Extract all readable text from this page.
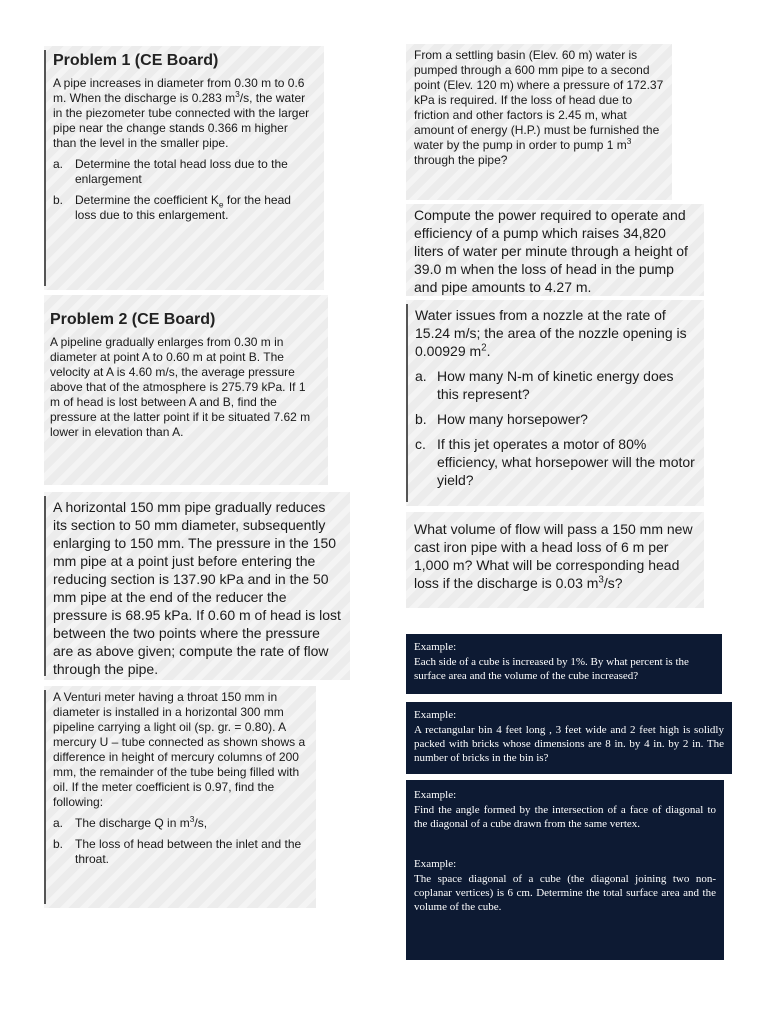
Problem 1 (CE Board)

A pipe increases in diameter from 0.30 m to 0.6 m. When the discharge is 0.283 $m^3/s$, the water in the piezometer tube connected with the larger pipe near the change stands 0.366 m higher than the level in the smaller pipe.

a. Determine the total head loss due to the enlargement
b. Determine the coefficient $K_e$ for the head loss due to this enlargement.

Problem 2 (CE Board)

A pipeline gradually enlarges from 0.30 m in diameter at point A to 0.60 m at point B. The velocity at A is 4.60 m/s, the average pressure above that of the atmosphere is 275.79 kPa. If 1 m of head is lost between A and B, find the pressure at the latter point if it be situated 7.62 m lower in elevation than A.

A horizontal 150 mm pipe gradually reduces its section to 50 mm diameter, subsequently enlarging to 150 mm. The pressure in the 150 mm pipe at a point just before entering the reducing section is 137.90 kPa and in the 50 mm pipe at the end of the reducer the pressure is 68.95 kPa. If 0.60 m of head is lost between the two points where the pressure are as above given; compute the rate of flow through the pipe.

A Venturi meter having a throat 150 mm in diameter is installed in a horizontal 300 mm pipeline carrying a light oil (sp. gr. = 0.80). A mercury U – tube connected as shown shows a difference in height of mercury columns of 200 mm, the remainder of the tube being filled with oil. If the meter coefficient is 0.97, find the following:

a. The discharge Q in $m^3/s$,
b. The loss of head between the inlet and the throat.

From a settling basin (Elev. 60 m) water is pumped through a 600 mm pipe to a second point (Elev. 120 m) where a pressure of 172.37 kPa is required. If the loss of head due to friction and other factors is 2.45 m, what amount of energy (H.P.) must be furnished the water by the pump in order to pump 1 $m^3$ through the pipe?

Compute the power required to operate and efficiency of a pump which raises 34,820 liters of water per minute through a height of 39.0 m when the loss of head in the pump and pipe amounts to 4.27 m.

Water issues from a nozzle at the rate of 15.24 m/s; the area of the nozzle opening is 0.00929 $m^2$.

a. How many N-m of kinetic energy does this represent?
b. How many horsepower?
c. If this jet operates a motor of 80% efficiency, what horsepower will the motor yield?

What volume of flow will pass a 150 mm new cast iron pipe with a head loss of 6 m per 1,000 m? What will be corresponding head loss if the discharge is 0.03 $m^3/s$?

Example:

Each side of a cube is increased by 1%. By what percent is the surface area and the volume of the cube increased?

Example:

A rectangular bin 4 feet long , 3 feet wide and 2 feet high is solidly packed with bricks whose dimensions are 8 in. by 4 in. by 2 in. The number of bricks in the bin is?

Example:

Find the angle formed by the intersection of a face of diagonal to the diagonal of a cube drawn from the same vertex.

Example:

The space diagonal of a cube (the diagonal joining two non-coplanar vertices) is 6 cm. Determine the total surface area and the volume of the cube.
